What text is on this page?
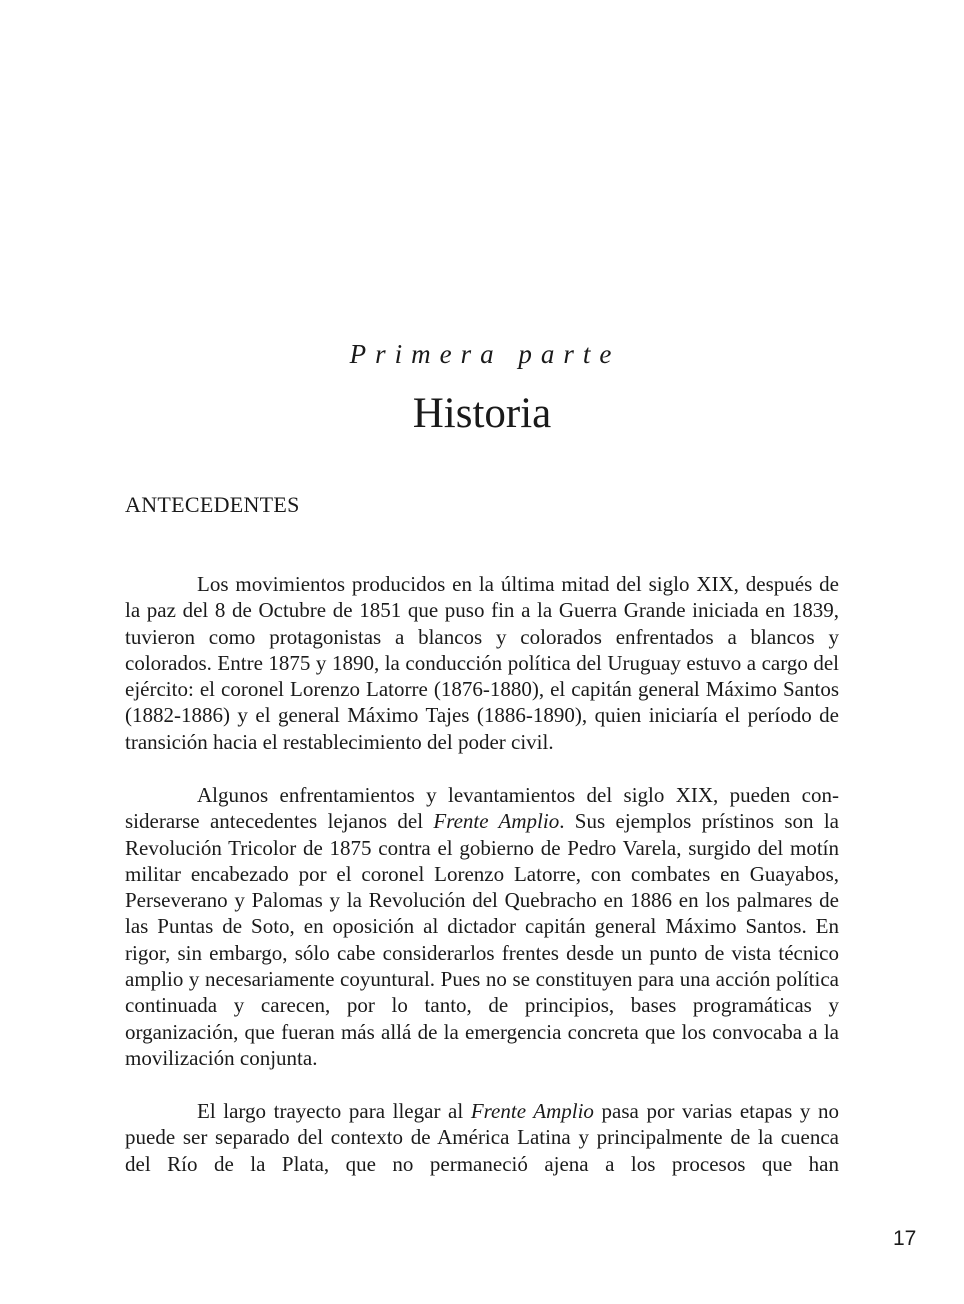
Primera parte
Historia
ANTECEDENTES

Los movimientos producidos en la última mitad del siglo XIX, después de la paz del 8 de Octubre de 1851 que puso fin a la Guerra Grande iniciada en 1839, tuvieron como protagonistas a blancos y colorados enfrentados a blancos y colorados. Entre 1875 y 1890, la conducción política del Uruguay estuvo a cargo del ejército: el coronel Lorenzo Latorre (1876-1880), el capitán general Máximo Santos (1882-1886) y el general Máximo Tajes (1886-1890), quien iniciaría el período de transición hacia el restablecimiento del poder civil.

Algunos enfrentamientos y levantamientos del siglo XIX, pueden considerarse antecedentes lejanos del Frente Amplio. Sus ejemplos prístinos son la Revolución Tricolor de 1875 contra el gobierno de Pedro Varela, surgido del motín militar encabezado por el coronel Lorenzo Latorre, con combates en Guayabos, Perseverano y Palomas y la Revolución del Quebracho en 1886 en los palmares de las Puntas de Soto, en oposición al dictador capitán general Máximo Santos. En rigor, sin embargo, sólo cabe considerarlos frentes desde un punto de vista técnico amplio y necesariamente coyuntural. Pues no se constituyen para una acción política continuada y carecen, por lo tanto, de principios, bases programáticas y organización, que fueran más allá de la emergencia concreta que los convocaba a la movilización conjunta.

El largo trayecto para llegar al Frente Amplio pasa por varias etapas y no puede ser separado del contexto de América Latina y principalmente de la cuenca del Río de la Plata, que no permaneció ajena a los procesos que han

17
